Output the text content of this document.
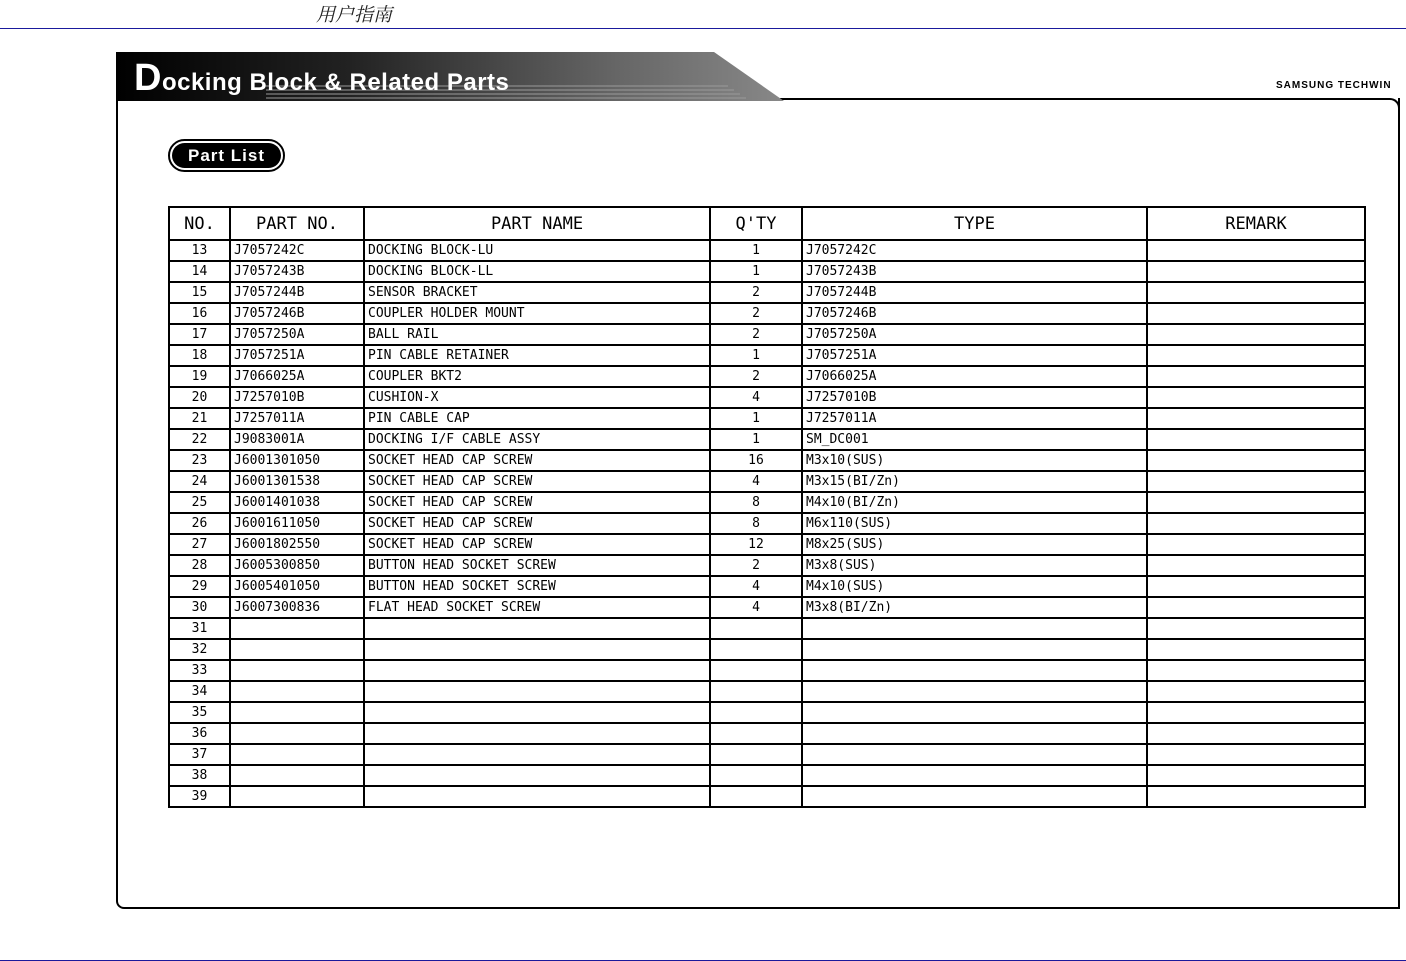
用户指南
Docking Block & Related Parts	SAMSUNG TECHWIN
Part List
NO.	PART NO.	PART NAME	Q'TY	TYPE	REMARK
13	J7057242C	DOCKING BLOCK-LU	1	J7057242C	
14	J7057243B	DOCKING BLOCK-LL	1	J7057243B	
15	J7057244B	SENSOR BRACKET	2	J7057244B	
16	J7057246B	COUPLER HOLDER MOUNT	2	J7057246B	
17	J7057250A	BALL RAIL	2	J7057250A	
18	J7057251A	PIN CABLE RETAINER	1	J7057251A	
19	J7066025A	COUPLER BKT2	2	J7066025A	
20	J7257010B	CUSHION-X	4	J7257010B	
21	J7257011A	PIN CABLE CAP	1	J7257011A	
22	J9083001A	DOCKING I/F CABLE ASSY	1	SM_DC001	
23	J6001301050	SOCKET HEAD CAP SCREW	16	M3x10(SUS)	
24	J6001301538	SOCKET HEAD CAP SCREW	4	M3x15(BI/Zn)	
25	J6001401038	SOCKET HEAD CAP SCREW	8	M4x10(BI/Zn)	
26	J6001611050	SOCKET HEAD CAP SCREW	8	M6x110(SUS)	
27	J6001802550	SOCKET HEAD CAP SCREW	12	M8x25(SUS)	
28	J6005300850	BUTTON HEAD SOCKET SCREW	2	M3x8(SUS)	
29	J6005401050	BUTTON HEAD SOCKET SCREW	4	M4x10(SUS)	
30	J6007300836	FLAT HEAD SOCKET SCREW	4	M3x8(BI/Zn)	
31					
32					
33					
34					
35					
36					
37					
38					
39					
